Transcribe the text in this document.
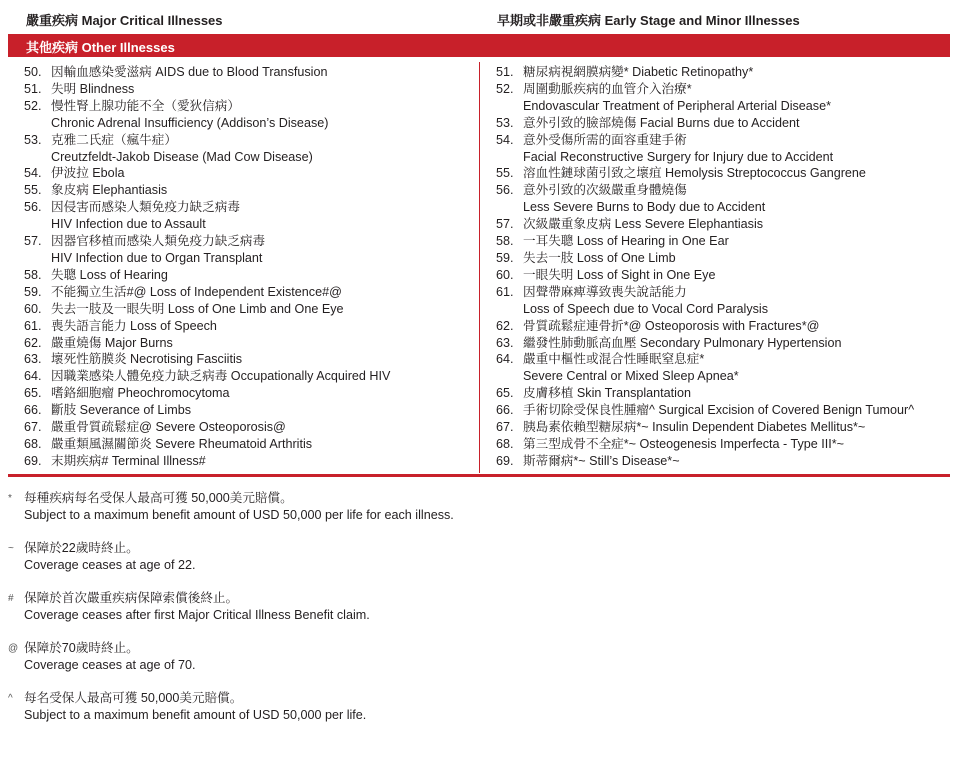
嚴重疾病 Major Critical Illnesses	早期或非嚴重疾病 Early Stage and Minor Illnesses
其他疾病 Other Illnesses
50. 因輸血感染愛滋病 AIDS due to Blood Transfusion
51. 失明 Blindness
52. 慢性腎上腺功能不全（愛狄信病）
Chronic Adrenal Insufficiency (Addison’s Disease)
53. 克雅二氏症（瘋牛症）
Creutzfeldt-Jakob Disease (Mad Cow Disease)
54. 伊波拉 Ebola
55. 象皮病 Elephantiasis
56. 因侵害而感染人類免疫力缺乏病毒
HIV Infection due to Assault
57. 因器官移植而感染人類免疫力缺乏病毒
HIV Infection due to Organ Transplant
58. 失聰 Loss of Hearing
59. 不能獨立生活#@ Loss of Independent Existence#@
60. 失去一肢及一眼失明 Loss of One Limb and One Eye
61. 喪失語言能力 Loss of Speech
62. 嚴重燒傷 Major Burns
63. 壞死性筋膜炎 Necrotising Fasciitis
64. 因職業感染人體免疫力缺乏病毒 Occupationally Acquired HIV
65. 嗜鉻細胞瘤 Pheochromocytoma
66. 斷肢 Severance of Limbs
67. 嚴重骨質疏鬆症@ Severe Osteoporosis@
68. 嚴重類風濕關節炎 Severe Rheumatoid Arthritis
69. 末期疾病# Terminal Illness#
51. 糖尿病視網膜病變* Diabetic Retinopathy*
52. 周圍動脈疾病的血管介入治療*
Endovascular Treatment of Peripheral Arterial Disease*
53. 意外引致的臉部燒傷 Facial Burns due to Accident
54. 意外受傷所需的面容重建手術
Facial Reconstructive Surgery for Injury due to Accident
55. 溶血性鏈球菌引致之壞疽 Hemolysis Streptococcus Gangrene
56. 意外引致的次級嚴重身體燒傷
Less Severe Burns to Body due to Accident
57. 次級嚴重象皮病 Less Severe Elephantiasis
58. 一耳失聰 Loss of Hearing in One Ear
59. 失去一肢 Loss of One Limb
60. 一眼失明 Loss of Sight in One Eye
61. 因聲帶麻痺導致喪失說話能力
Loss of Speech due to Vocal Cord Paralysis
62. 骨質疏鬆症連骨折*@ Osteoporosis with Fractures*@
63. 繼發性肺動脈高血壓 Secondary Pulmonary Hypertension
64. 嚴重中樞性或混合性睡眠窒息症*
Severe Central or Mixed Sleep Apnea*
65. 皮膚移植 Skin Transplantation
66. 手術切除受保良性腫瘤^ Surgical Excision of Covered Benign Tumour^
67. 胰島素依賴型糖尿病*~ Insulin Dependent Diabetes Mellitus*~
68. 第三型成骨不全症*~ Osteogenesis Imperfecta - Type III*~
69. 斯蒂爾病*~ Still’s Disease*~
* 每種疾病每名受保人最高可獲 50,000美元賠償。
Subject to a maximum benefit amount of USD 50,000 per life for each illness.
~ 保障於22歲時終止。
Coverage ceases at age of 22.
# 保障於首次嚴重疾病保障索償後終止。
Coverage ceases after first Major Critical Illness Benefit claim.
@ 保障於70歲時終止。
Coverage ceases at age of 70.
^ 每名受保人最高可獲 50,000美元賠償。
Subject to a maximum benefit amount of USD 50,000 per life.
